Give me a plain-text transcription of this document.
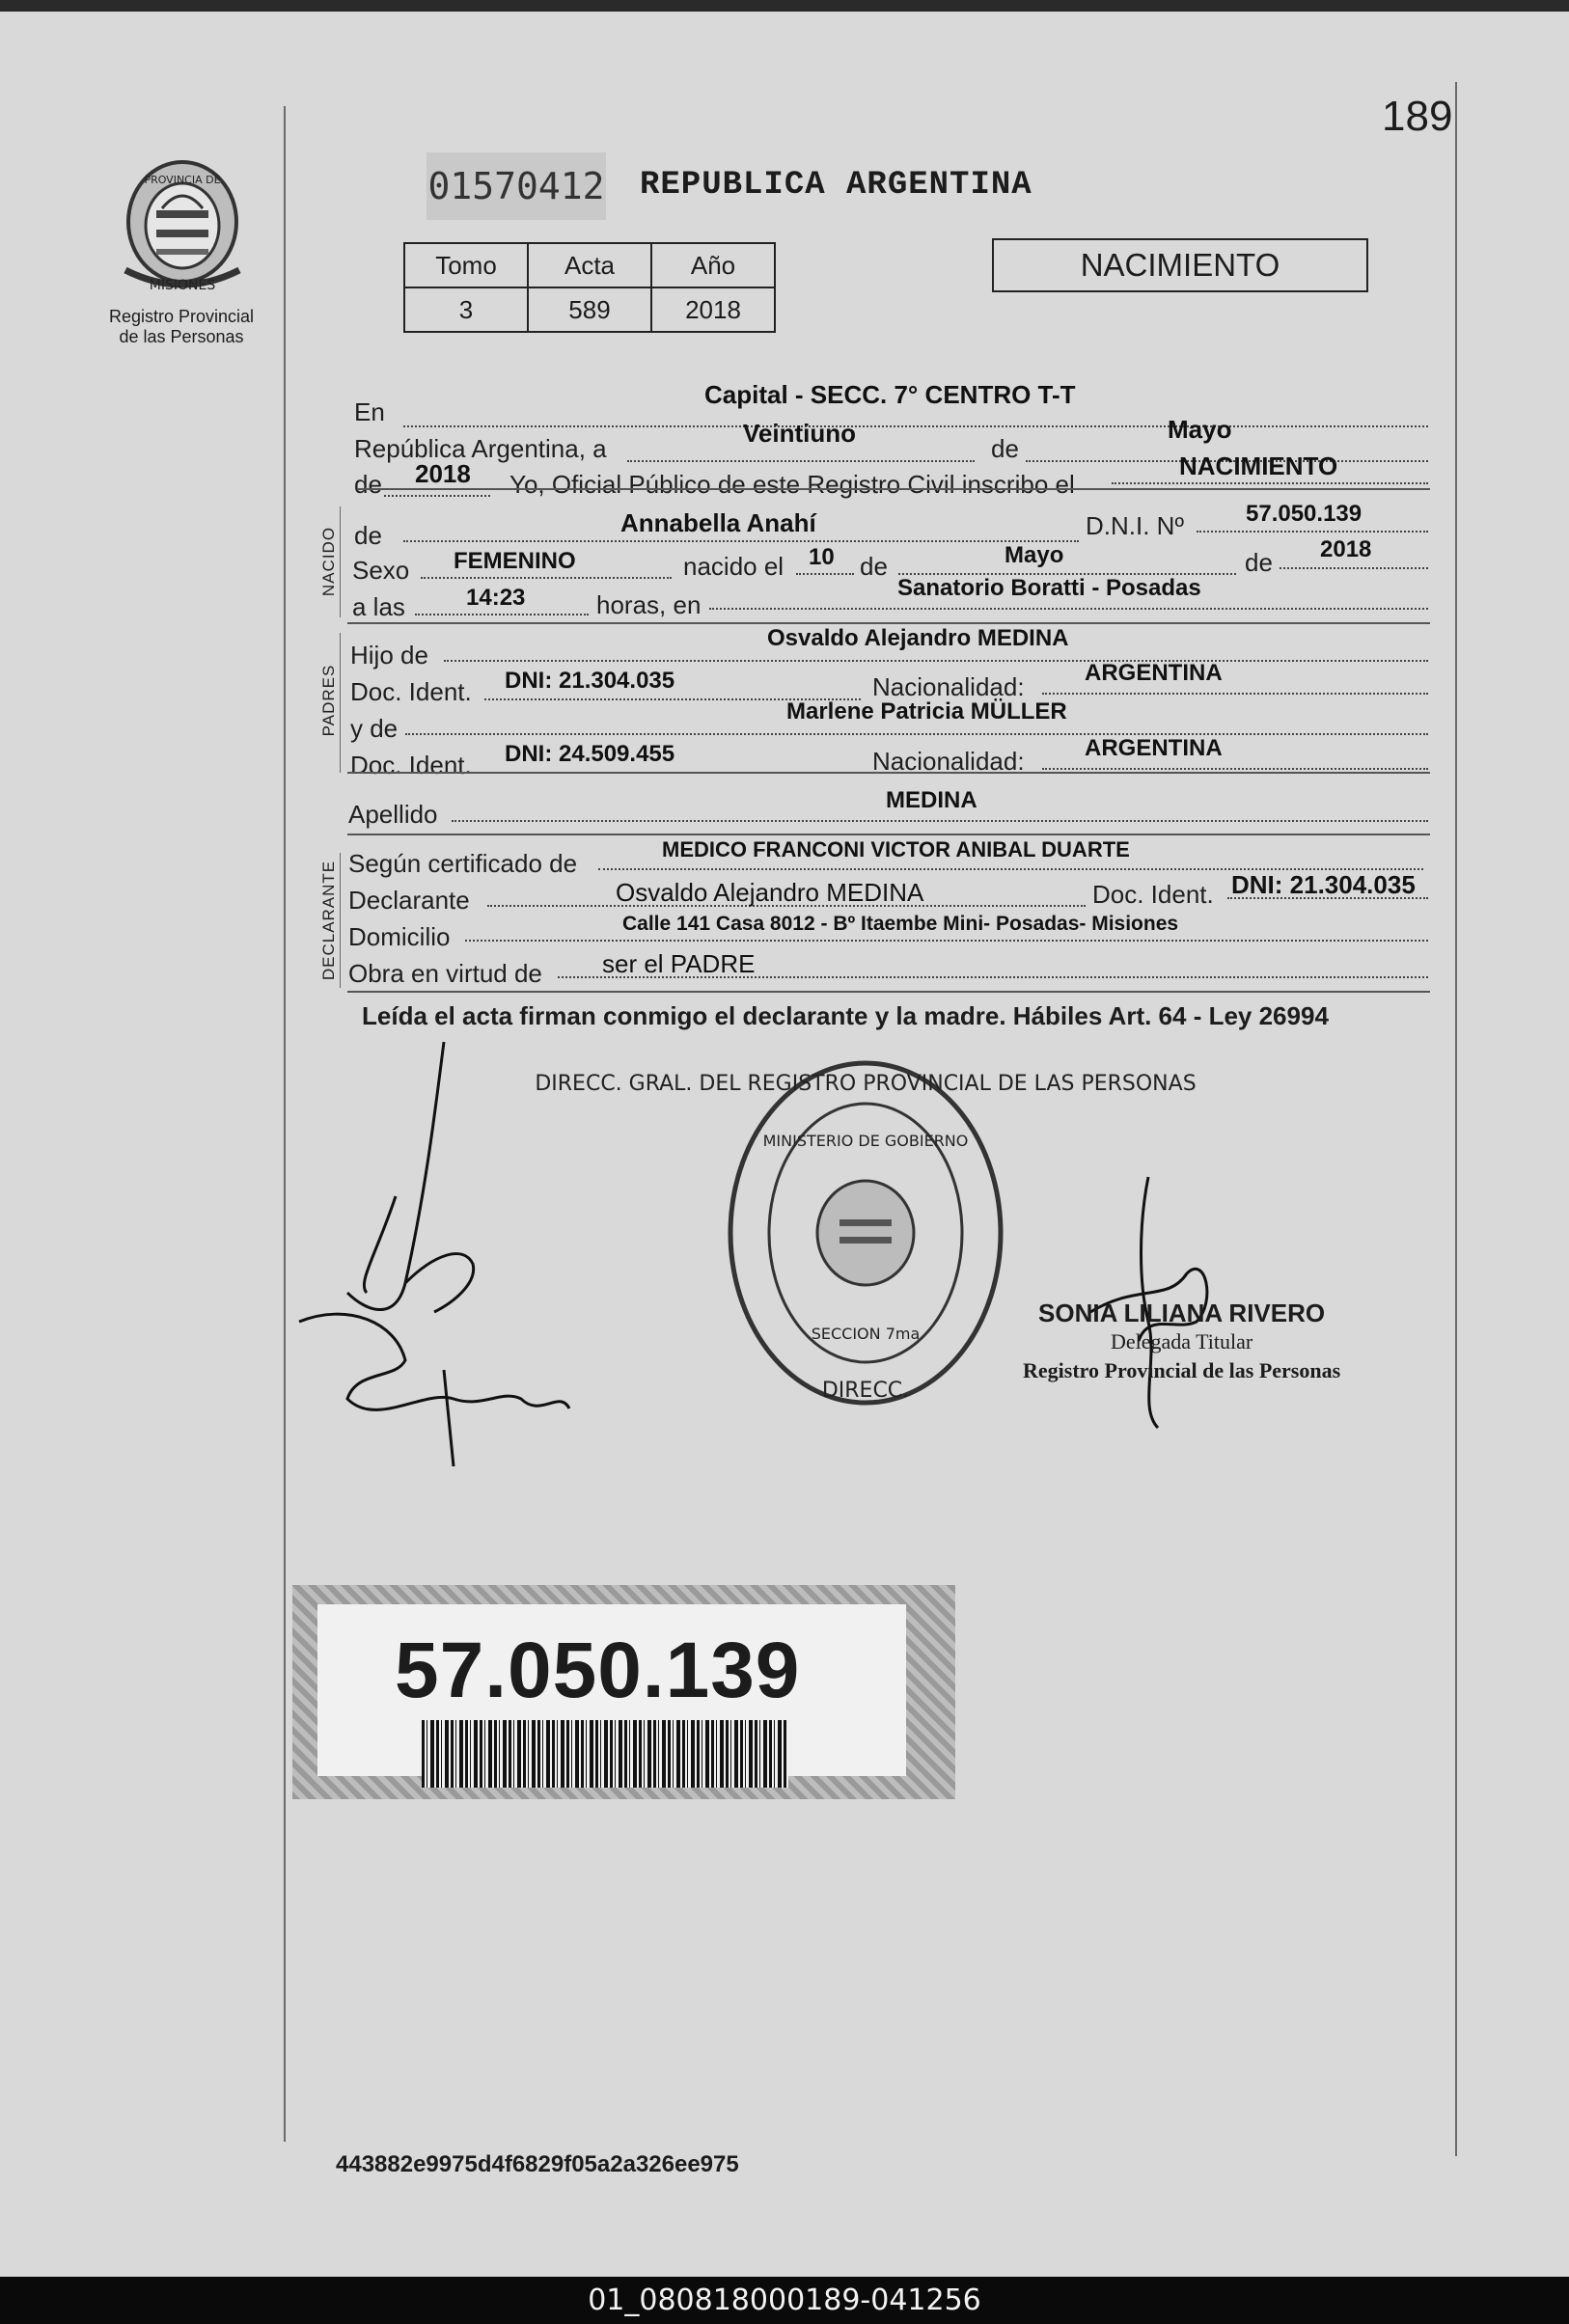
189
PROVINCIA DE
MISIONES
Registro Provincial
de las Personas
01570412 REPUBLICA ARGENTINA
Tomo	Acta	Año
3	589	2018
NACIMIENTO
En
Capital - SECC. 7° CENTRO T-T
República Argentina, a
Veintiuno
de
Mayo
de 2018 Yo, Oficial Público de este Registro Civil inscribo el
NACIMIENTO
NACIDO de	Annabella Anahí	D.N.I. Nº	57.050.139
Sexo FEMENINO	nacido el 10 de	Mayo	de 2018
a las	14:23	horas, en
Sanatorio Boratti - Posadas
PADRES
Hijo de
Osvaldo Alejandro MEDINA
Doc. Ident. DNI: 21.304.035	Nacionalidad:	ARGENTINA
y de
Marlene Patricia MÜLLER
Doc. Ident. DNI: 24.509.455	Nacionalidad:	ARGENTINA
Apellido	MEDINA
DECLARANTE Según certificado de	MEDICO FRANCONI VICTOR ANIBAL DUARTE
Declarante	Osvaldo Alejandro MEDINA	Doc. Ident. DNI: 21.304.035
Domicilio	Calle 141 Casa 8012 - Bº Itaembe Mini- Posadas- Misiones
Obra en virtud de ser el PADRE
Leída el acta firman conmigo el declarante y la madre. Hábiles Art. 64 - Ley 26994
DIRECC. GRAL. DEL REGISTRO PROVINCIAL DE LAS PERSONAS
DIRECC.
MINISTERIO DE GOBIERNO
SECCION 7ma
SONIA LILIANA RIVERO
Delegada Titular
Registro Provincial de las Personas
57.050.139
443882e9975d4f6829f05a2a326ee975
01_080818000189-041256
